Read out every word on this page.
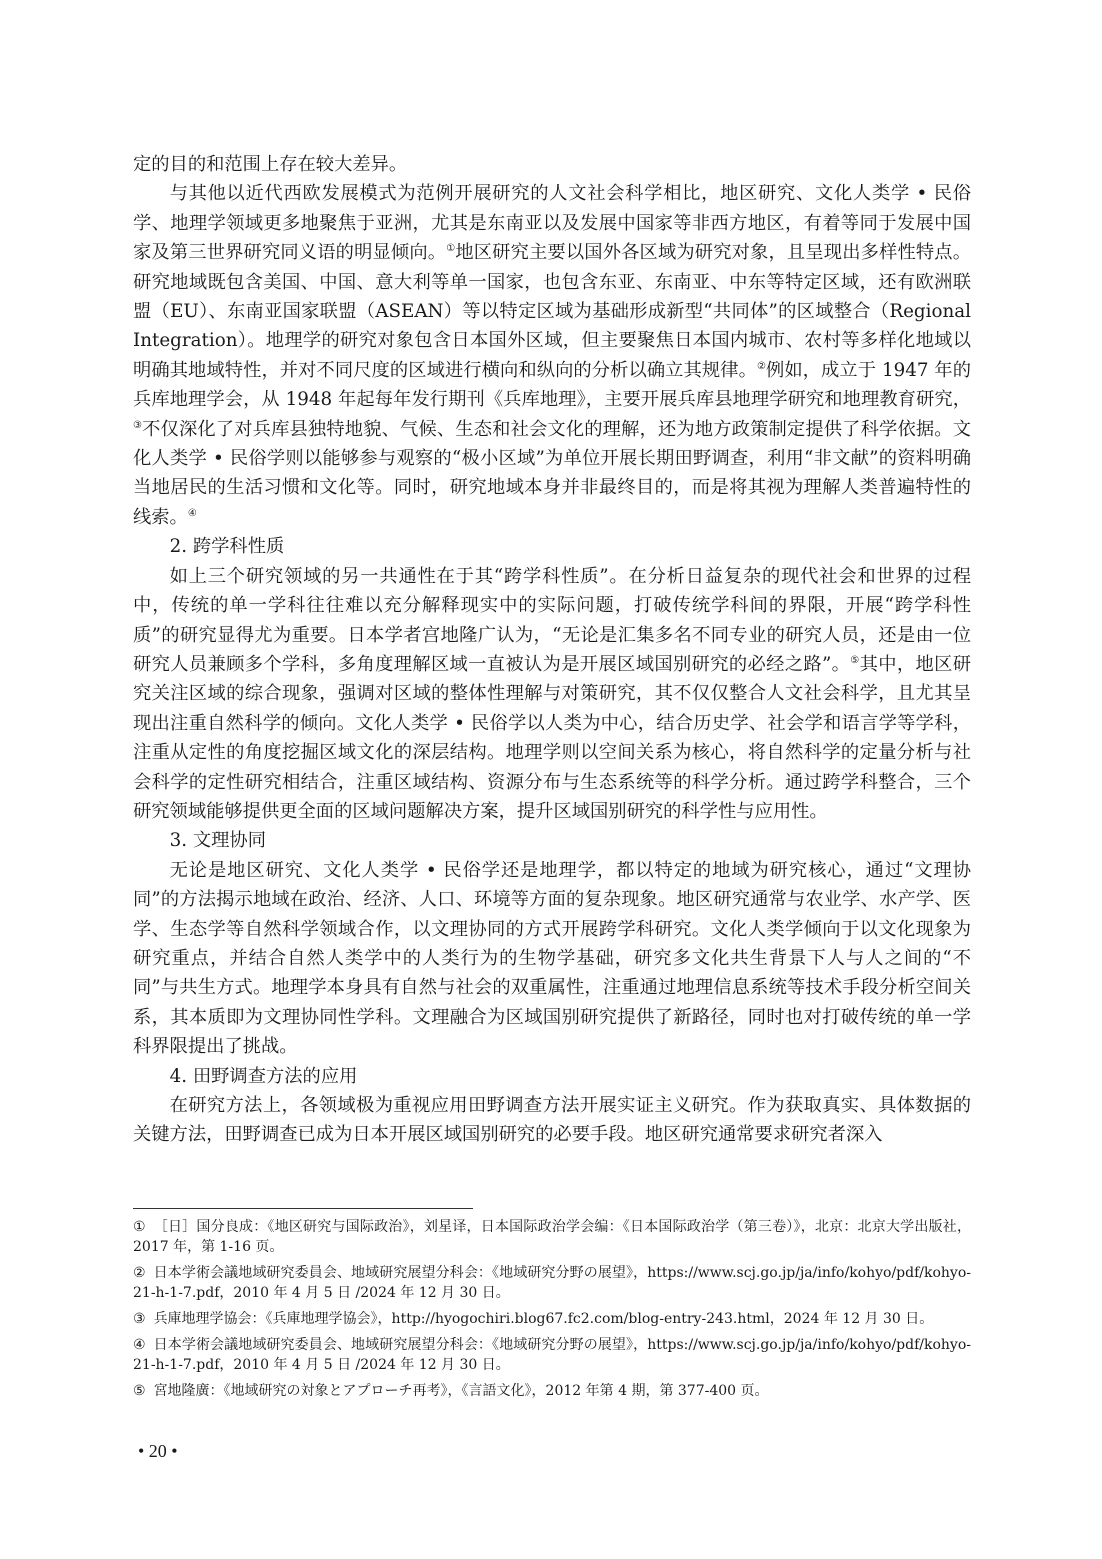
定的目的和范围上存在较大差异。

与其他以近代西欧发展模式为范例开展研究的人文社会科学相比，地区研究、文化人类学 • 民俗学、地理学领域更多地聚焦于亚洲，尤其是东南亚以及发展中国家等非西方地区，有着等同于发展中国家及第三世界研究同义语的明显倾向。①地区研究主要以国外各区域为研究对象，且呈现出多样性特点。研究地域既包含美国、中国、意大利等单一国家，也包含东亚、东南亚、中东等特定区域，还有欧洲联盟（EU）、东南亚国家联盟（ASEAN）等以特定区域为基础形成新型“共同体”的区域整合（Regional Integration）。地理学的研究对象包含日本国外区域，但主要聚焦日本国内城市、农村等多样化地域以明确其地域特性，并对不同尺度的区域进行横向和纵向的分析以确立其规律。②例如，成立于 1947 年的兵库地理学会，从 1948 年起每年发行期刊《兵库地理》，主要开展兵库县地理学研究和地理教育研究，③不仅深化了对兵库县独特地貌、气候、生态和社会文化的理解，还为地方政策制定提供了科学依据。文化人类学 • 民俗学则以能够参与观察的“极小区域”为单位开展长期田野调查，利用“非文献”的资料明确当地居民的生活习惯和文化等。同时，研究地域本身并非最终目的，而是将其视为理解人类普遍特性的线索。④

2. 跨学科性质

如上三个研究领域的另一共通性在于其“跨学科性质”。在分析日益复杂的现代社会和世界的过程中，传统的单一学科往往难以充分解释现实中的实际问题，打破传统学科间的界限，开展“跨学科性质”的研究显得尤为重要。日本学者宫地隆广认为，“无论是汇集多名不同专业的研究人员，还是由一位研究人员兼顾多个学科，多角度理解区域一直被认为是开展区域国别研究的必经之路”。⑤其中，地区研究关注区域的综合现象，强调对区域的整体性理解与对策研究，其不仅仅整合人文社会科学，且尤其呈现出注重自然科学的倾向。文化人类学 • 民俗学以人类为中心，结合历史学、社会学和语言学等学科，注重从定性的角度挖掘区域文化的深层结构。地理学则以空间关系为核心，将自然科学的定量分析与社会科学的定性研究相结合，注重区域结构、资源分布与生态系统等的科学分析。通过跨学科整合，三个研究领域能够提供更全面的区域问题解决方案，提升区域国别研究的科学性与应用性。

3. 文理协同

无论是地区研究、文化人类学 • 民俗学还是地理学，都以特定的地域为研究核心，通过“文理协同”的方法揭示地域在政治、经济、人口、环境等方面的复杂现象。地区研究通常与农业学、水产学、医学、生态学等自然科学领域合作，以文理协同的方式开展跨学科研究。文化人类学倾向于以文化现象为研究重点，并结合自然人类学中的人类行为的生物学基础，研究多文化共生背景下人与人之间的“不同”与共生方式。地理学本身具有自然与社会的双重属性，注重通过地理信息系统等技术手段分析空间关系，其本质即为文理协同性学科。文理融合为区域国别研究提供了新路径，同时也对打破传统的单一学科界限提出了挑战。

4. 田野调查方法的应用

在研究方法上，各领域极为重视应用田野调查方法开展实证主义研究。作为获取真实、具体数据的关键方法，田野调查已成为日本开展区域国别研究的必要手段。地区研究通常要求研究者深入

① ［日］国分良成：《地区研究与国际政治》，刘星译，日本国际政治学会编：《日本国际政治学（第三卷）》，北京：北京大学出版社，2017 年，第 1-16 页。

② 日本学術会議地域研究委員会、地域研究展望分科会：《地域研究分野の展望》，https://www.scj.go.jp/ja/info/kohyo/pdf/kohyo-21-h-1-7.pdf，2010 年 4 月 5 日 /2024 年 12 月 30 日。

③ 兵庫地理学協会：《兵庫地理学協会》，http://hyogochiri.blog67.fc2.com/blog-entry-243.html，2024 年 12 月 30 日。

④ 日本学術会議地域研究委員会、地域研究展望分科会：《地域研究分野の展望》，https://www.scj.go.jp/ja/info/kohyo/pdf/kohyo-21-h-1-7.pdf，2010 年 4 月 5 日 /2024 年 12 月 30 日。

⑤ 宮地隆廣：《地域研究の対象とアプローチ再考》，《言語文化》，2012 年第 4 期，第 377-400 页。

• 20 •
